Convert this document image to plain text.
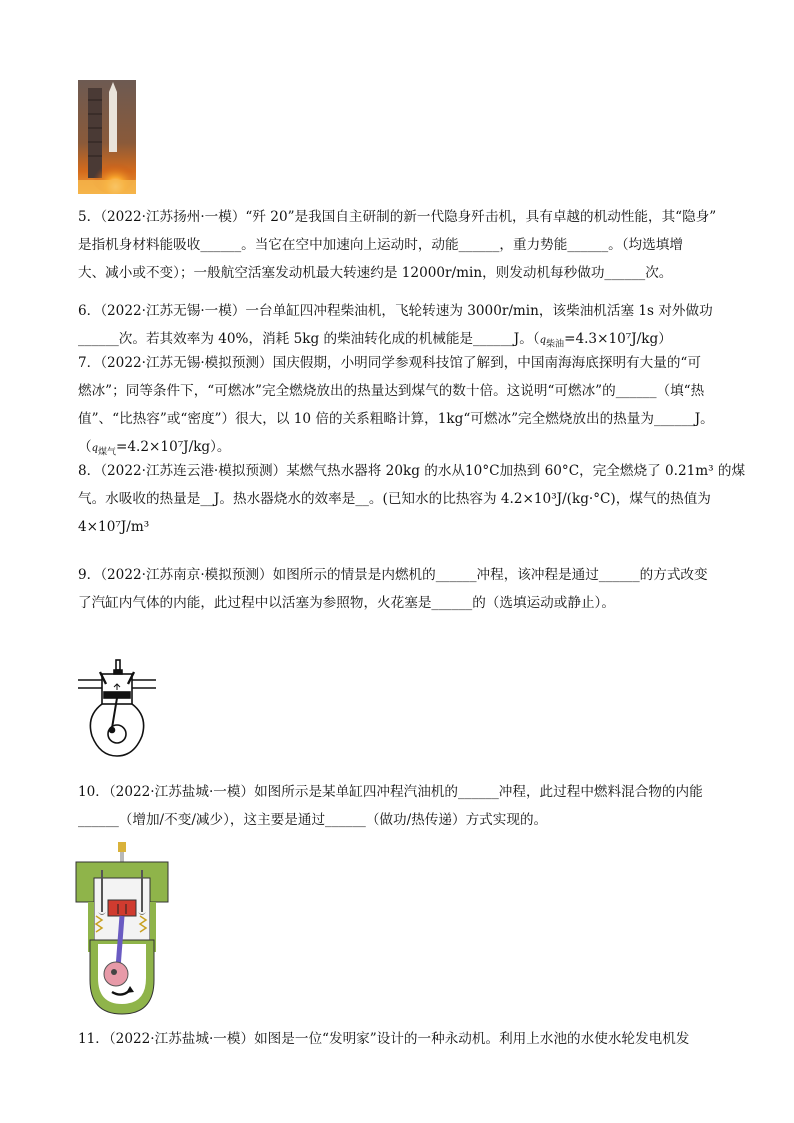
5．（2022·江苏扬州·一模）“歼 20”是我国自主研制的新一代隐身歼击机，具有卓越的机动性能，其“隐身”
是指机身材料能吸收______。当它在空中加速向上运动时，动能______，重力势能______。（均选填增
大、减小或不变）；一般航空活塞发动机最大转速约是 12000r/min，则发动机每秒做功______次。
6．（2022·江苏无锡·一模）一台单缸四冲程柴油机，飞轮转速为 3000r/min，该柴油机活塞 1s 对外做功
______次。若其效率为 40%，消耗 5kg 的柴油转化成的机械能是______J。$(q_{柴油}=4.3\times 10^7J/kg)$
7．（2022·江苏无锡·模拟预测）国庆假期，小明同学参观科技馆了解到，中国南海海底探明有大量的“可
燃冰”；同等条件下，“可燃冰”完全燃烧放出的热量达到煤气的数十倍。这说明“可燃冰”的______（填“热
值”、“比热容”或“密度”）很大，以 10 倍的关系粗略计算，1kg“可燃冰”完全燃烧放出的热量为______J。
$(q_{煤气}=4.2\times 10^7J/kg)$。
8．（2022·江苏连云港·模拟预测）某燃气热水器将 20kg 的水从10°C加热到 60°C，完全燃烧了 0.21m³ 的煤
气。水吸收的热量是__J。热水器烧水的效率是__。(已知水的比热容为 4.2×10³J/(kg·°C)，煤气的热值为
4×10⁷J/m³
9．（2022·江苏南京·模拟预测）如图所示的情景是内燃机的______冲程，该冲程是通过______的方式改变
了汽缸内气体的内能，此过程中以活塞为参照物，火花塞是______的（选填运动或静止）。
10．（2022·江苏盐城·一模）如图所示是某单缸四冲程汽油机的______冲程，此过程中燃料混合物的内能
______（增加/不变/减少），这主要是通过______（做功/热传递）方式实现的。
11．（2022·江苏盐城·一模）如图是一位“发明家”设计的一种永动机。利用上水池的水使水轮发电机发
